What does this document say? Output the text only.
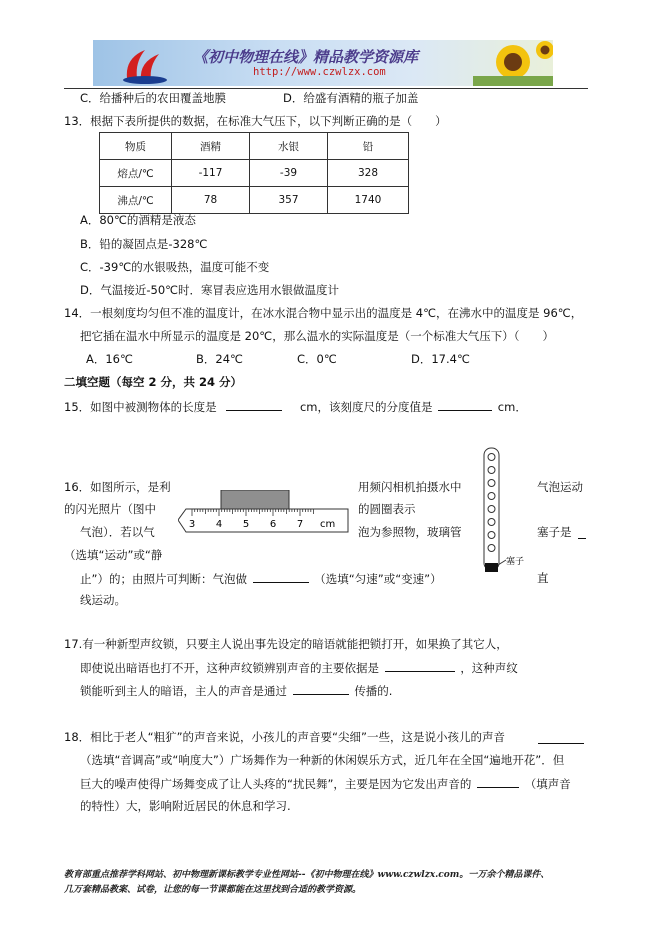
《初中物理在线》精品教学资源库
http://www.czwlzx.com
C．给播种后的农田覆盖地膜	D．给盛有酒精的瓶子加盖
13．根据下表所提供的数据，在标准大气压下，以下判断正确的是（　　）
物质	酒精	水银	铅
熔点/℃	-117	-39	328
沸点/℃	78	357	1740
A．80℃的酒精是液态
B．铅的凝固点是-328℃
C．-39℃的水银吸热，温度可能不变
D．气温接近-50℃时．寒冒表应选用水银做温度计
14．一根刻度均匀但不准的温度计，在冰水混合物中显示出的温度是 4℃，在沸水中的温度是 96℃，
把它插在温水中所显示的温度是 20℃，那么温水的实际温度是（一个标准大气压下）（　　）
A．16℃	B．24℃	C．0℃	D．17.4℃
二填空题（每空 2 分，共 24 分）
15．如图中被测物体的长度是	cm，该刻度尺的分度值是	cm．
3 4 5 6 7 cm
塞子
16．如图所示，是利	用频闪相机拍摄水中	气泡运动
的闪光照片（图中	的圆圈表示
气泡）．若以气	泡为参照物，玻璃管	塞子是
（选填“运动”或“静
止”）的；由照片可判断：气泡做	（选填“匀速”或“变速”）	直
线运动。
17.有一种新型声纹锁，只要主人说出事先设定的暗语就能把锁打开，如果换了其它人，
即使说出暗语也打不开，这种声纹锁辨别声音的主要依据是	，这种声纹
锁能听到主人的暗语，主人的声音是通过	传播的.
18．相比于老人“粗犷”的声音来说，小孩儿的声音要“尖细”一些，这是说小孩儿的声音
（选填“音调高”或“响度大”）广场舞作为一种新的休闲娱乐方式，近几年在全国“遍地开花”．但
巨大的噪声使得广场舞变成了让人头疼的“扰民舞”，主要是因为它发出声音的	（填声音
的特性）大，影响附近居民的休息和学习.
教育部重点推荐学科网站、初中物理新课标教学专业性网站--《初中物理在线》www.czwlzx.com。一万余个精品课件、
几万套精品教案、试卷，让您的每一节课都能在这里找到合适的教学资源。
